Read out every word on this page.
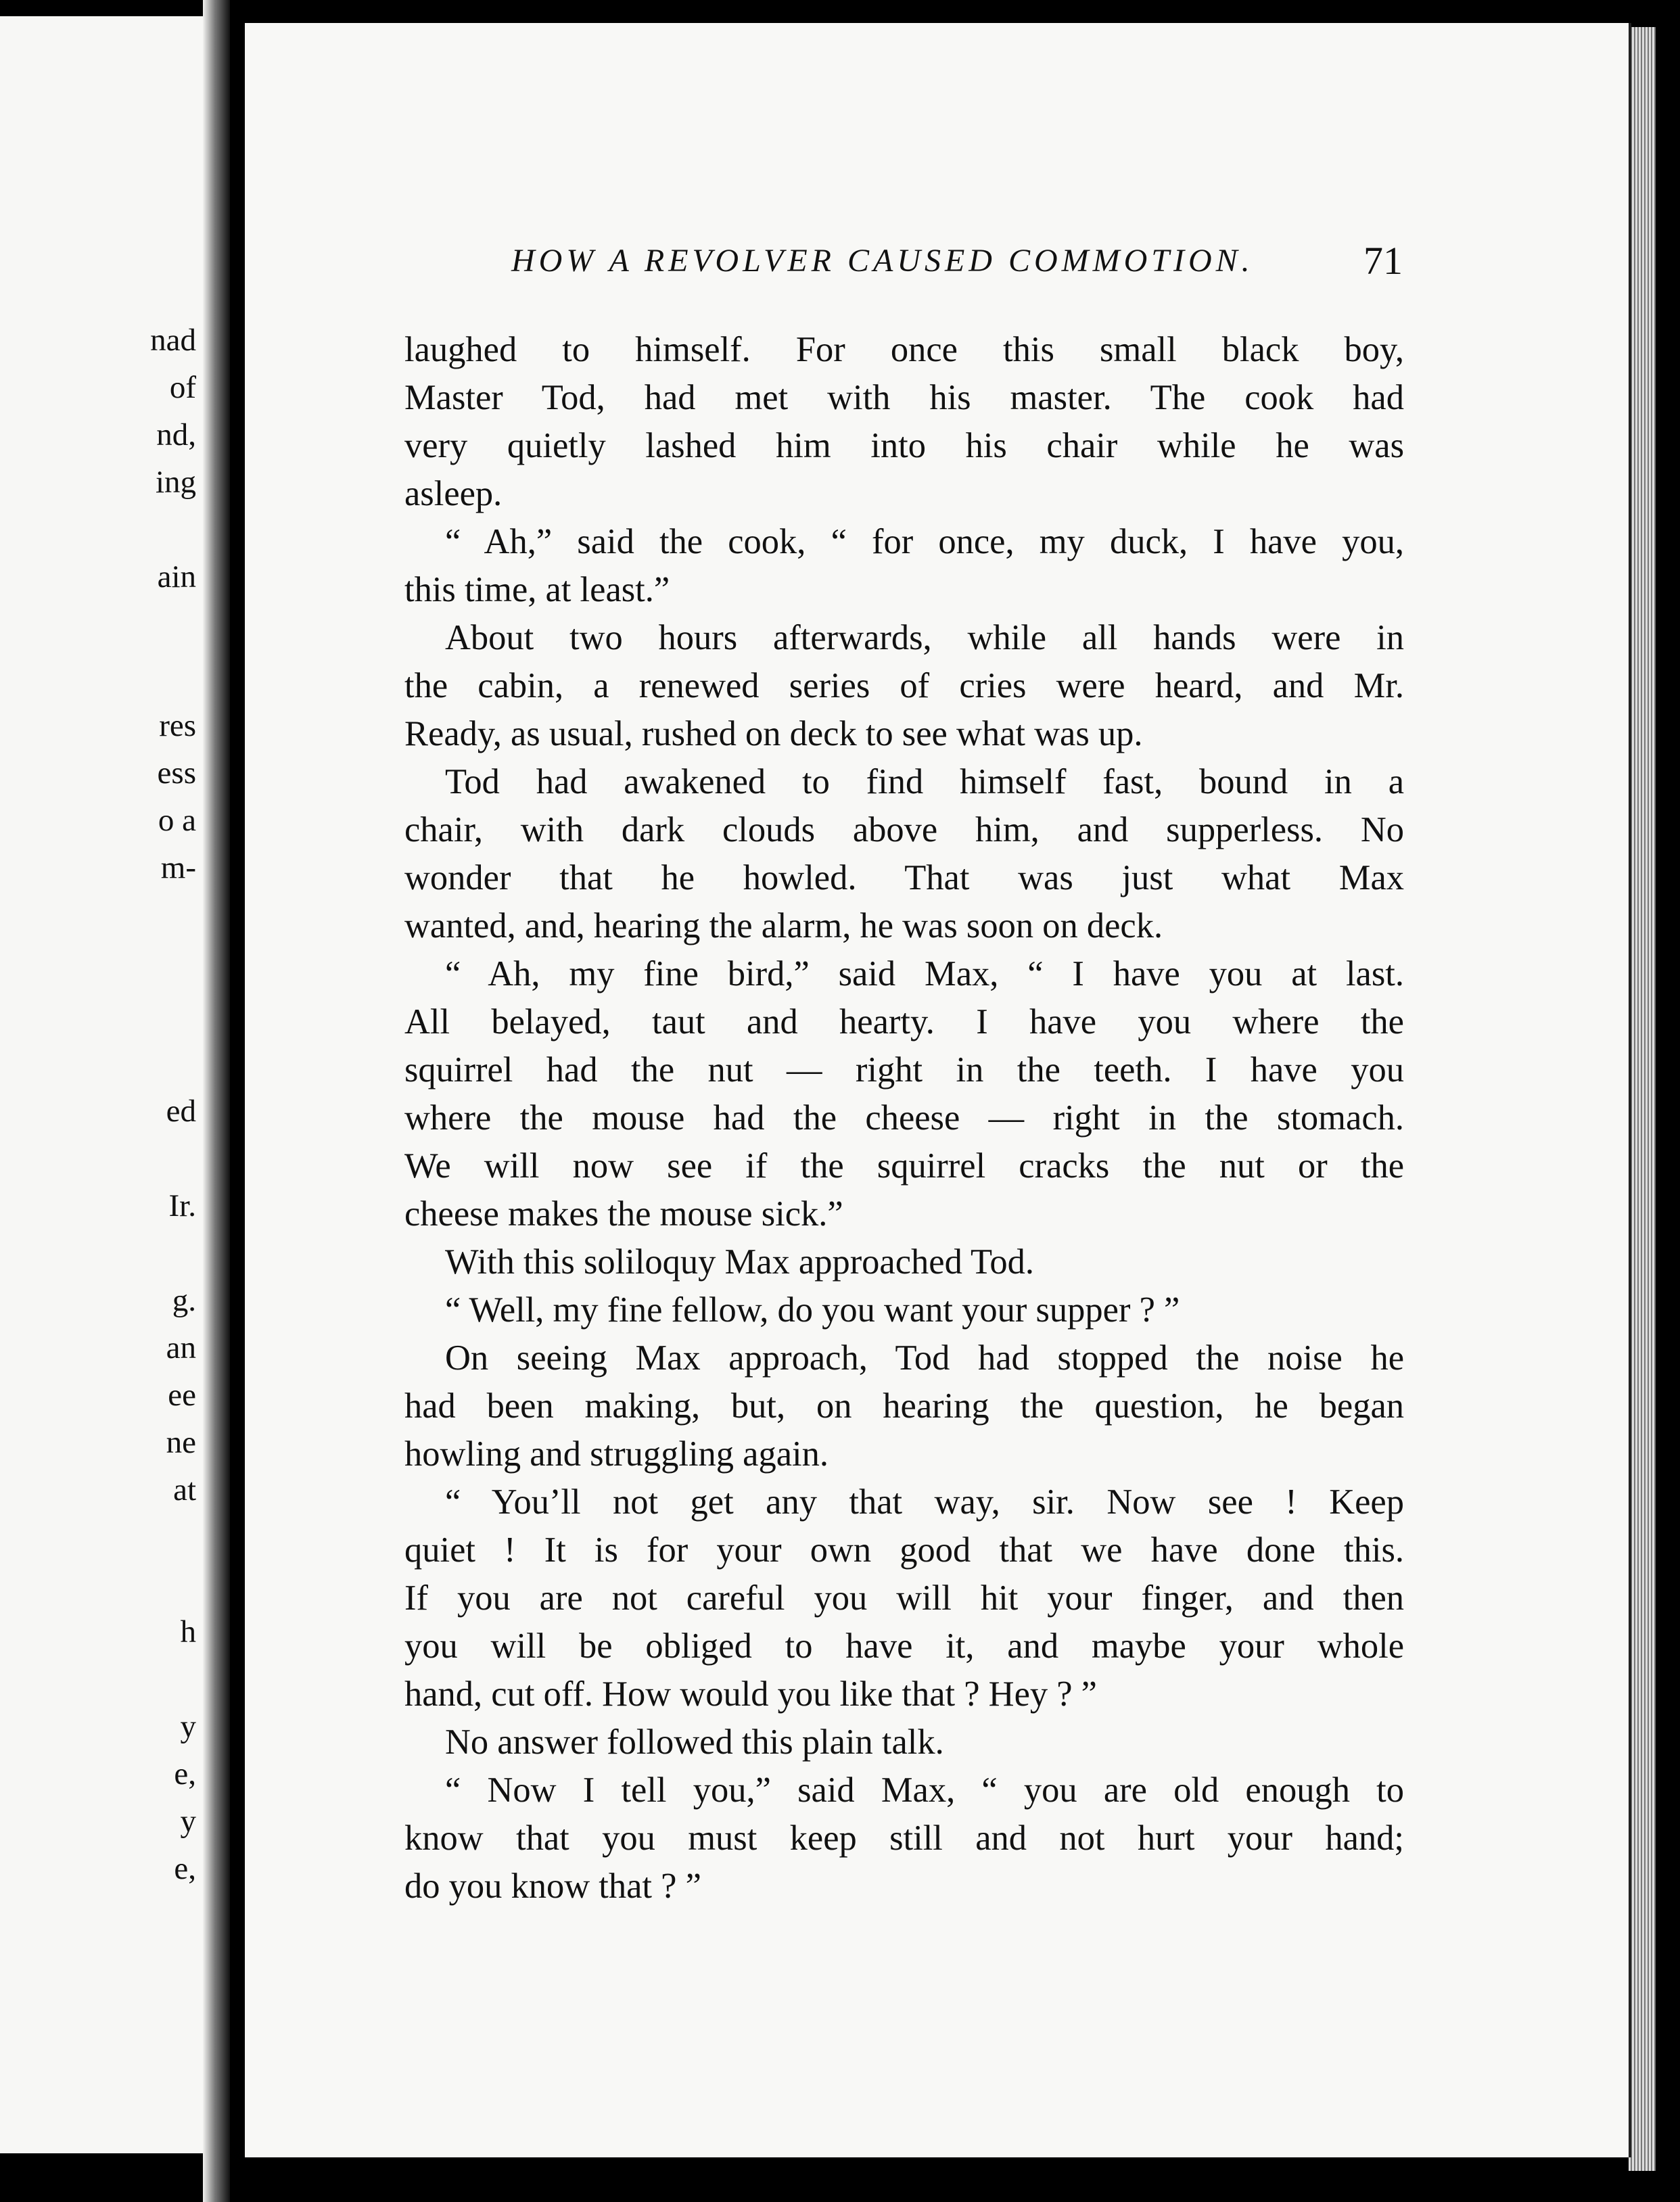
nad
of
nd,
ing
ain
res
ess
o a
m-
ed
Ir.
g.
an
ee
ne
at
h
y
e,
y
e,
HOW A REVOLVER CAUSED COMMOTION.	71
laughed to himself. For once this small black boy,
Master Tod, had met with his master. The cook had
very quietly lashed him into his chair while he was
asleep.
“ Ah,” said the cook, “ for once, my duck, I have you,
this time, at least.”
About two hours afterwards, while all hands were in
the cabin, a renewed series of cries were heard, and Mr.
Ready, as usual, rushed on deck to see what was up.
Tod had awakened to find himself fast, bound in a
chair, with dark clouds above him, and supperless. No
wonder that he howled. That was just what Max
wanted, and, hearing the alarm, he was soon on deck.
“ Ah, my fine bird,” said Max, “ I have you at last.
All belayed, taut and hearty. I have you where the
squirrel had the nut — right in the teeth. I have you
where the mouse had the cheese — right in the stomach.
We will now see if the squirrel cracks the nut or the
cheese makes the mouse sick.”
With this soliloquy Max approached Tod.
“ Well, my fine fellow, do you want your supper ? ”
On seeing Max approach, Tod had stopped the noise he
had been making, but, on hearing the question, he began
howling and struggling again.
“ You’ll not get any that way, sir. Now see ! Keep
quiet ! It is for your own good that we have done this.
If you are not careful you will hit your finger, and then
you will be obliged to have it, and maybe your whole
hand, cut off. How would you like that ? Hey ? ”
No answer followed this plain talk.
“ Now I tell you,” said Max, “ you are old enough to
know that you must keep still and not hurt your hand;
do you know that ? ”
